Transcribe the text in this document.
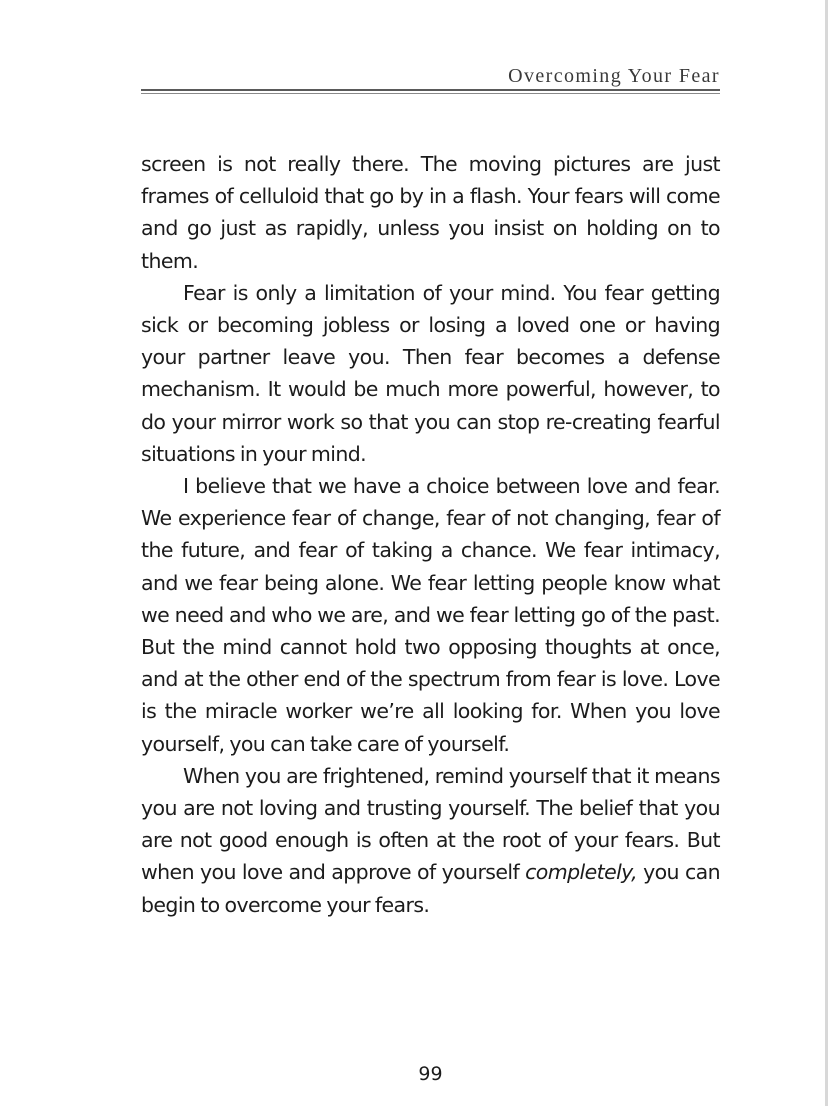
Overcoming Your Fear

screen is not really there. The moving pictures are just frames of celluloid that go by in a flash. Your fears will come and go just as rapidly, unless you insist on holding on to them.

Fear is only a limitation of your mind. You fear getting sick or becoming jobless or losing a loved one or having your partner leave you. Then fear becomes a defense mechanism. It would be much more powerful, however, to do your mirror work so that you can stop re-creating fearful situations in your mind.

I believe that we have a choice between love and fear. We experience fear of change, fear of not changing, fear of the future, and fear of taking a chance. We fear intimacy, and we fear being alone. We fear letting people know what we need and who we are, and we fear letting go of the past. But the mind cannot hold two opposing thoughts at once, and at the other end of the spectrum from fear is love. Love is the miracle worker we’re all looking for. When you love yourself, you can take care of yourself.

When you are frightened, remind yourself that it means you are not loving and trusting yourself. The belief that you are not good enough is often at the root of your fears. But when you love and approve of yourself completely, you can begin to overcome your fears.

99
